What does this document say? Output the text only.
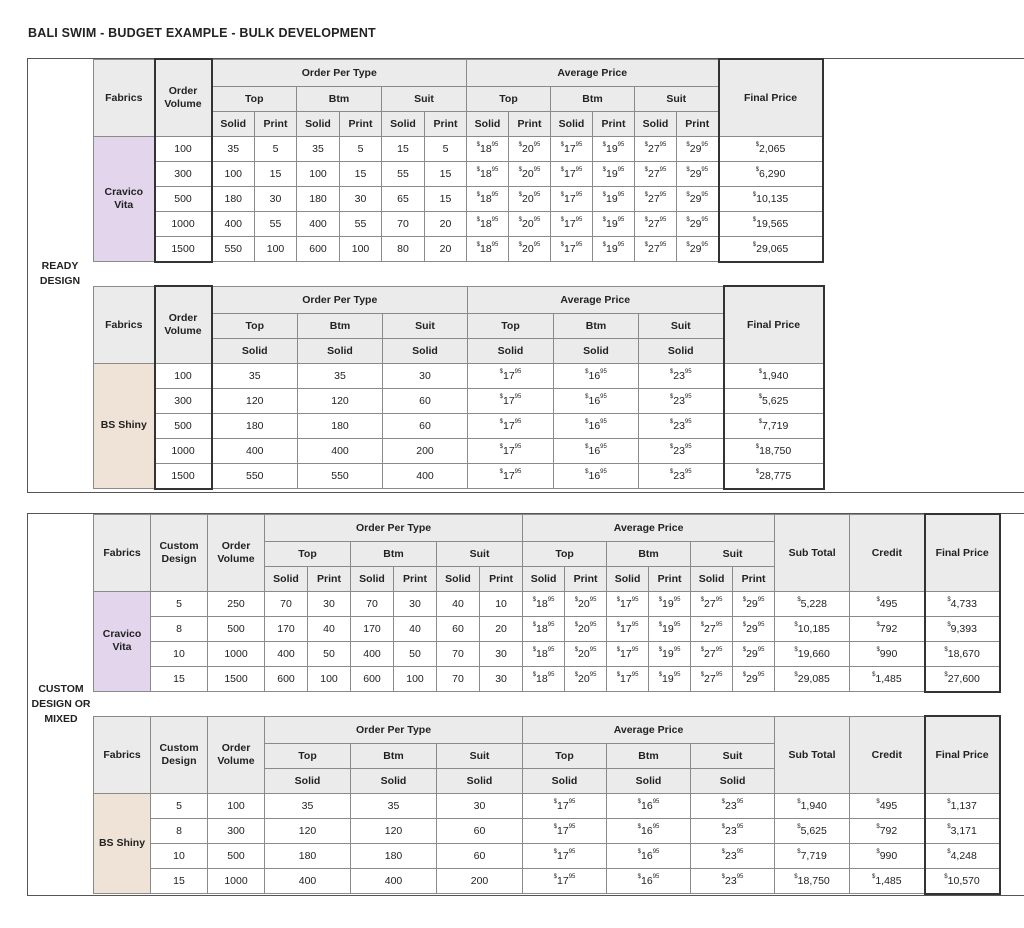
BALI SWIM - BUDGET EXAMPLE - BULK DEVELOPMENT
READY DESIGN
CUSTOM DESIGN OR MIXED
Fabrics	Order Volume	Order Per Type						Average Price						Final Price
		Top		Btm		Suit		Top		Btm		Suit		
		Solid	Print	Solid	Print	Solid	Print	Solid	Print	Solid	Print	Solid	Print	
Cravico Vita	100	35	5	35	5	15	5	$^{\$}18^{95}$	$^{\$}20^{95}$	$^{\$}17^{95}$	$^{\$}19^{95}$	$^{\$}27^{95}$	$^{\$}29^{95}$	$2,065
	300	100	15	100	15	55	15	$^{\$}18^{95}$	$^{\$}20^{95}$	$^{\$}17^{95}$	$^{\$}19^{95}$	$^{\$}27^{95}$	$^{\$}29^{95}$	$6,290
	500	180	30	180	30	65	15	$^{\$}18^{95}$	$^{\$}20^{95}$	$^{\$}17^{95}$	$^{\$}19^{95}$	$^{\$}27^{95}$	$^{\$}29^{95}$	$10,135
	1000	400	55	400	55	70	20	$^{\$}18^{95}$	$^{\$}20^{95}$	$^{\$}17^{95}$	$^{\$}19^{95}$	$^{\$}27^{95}$	$^{\$}29^{95}$	$19,565
	1500	550	100	600	100	80	20	$^{\$}18^{95}$	$^{\$}20^{95}$	$^{\$}17^{95}$	$^{\$}19^{95}$	$^{\$}27^{95}$	$^{\$}29^{95}$	$29,065
Fabrics	Order Volume	Order Per Type			Average Price			Final Price
		Top	Btm	Suit	Top	Btm	Suit	
		Solid	Solid	Solid	Solid	Solid	Solid	
BS Shiny	100	35	35	30	$^{\$}17^{95}$	$^{\$}16^{95}$	$^{\$}23^{95}$	$1,940
	300	120	120	60	$^{\$}17^{95}$	$^{\$}16^{95}$	$^{\$}23^{95}$	$5,625
	500	180	180	60	$^{\$}17^{95}$	$^{\$}16^{95}$	$^{\$}23^{95}$	$7,719
	1000	400	400	200	$^{\$}17^{95}$	$^{\$}16^{95}$	$^{\$}23^{95}$	$18,750
	1500	550	550	400	$^{\$}17^{95}$	$^{\$}16^{95}$	$^{\$}23^{95}$	$28,775
Fabrics	Custom Design	Order Volume	Order Per Type						Average Price						Sub Total	Credit	Final Price
			Top		Btm		Suit		Top		Btm		Suit				
			Solid	Print	Solid	Print	Solid	Print	Solid	Print	Solid	Print	Solid	Print			
Cravico Vita	5	250	70	30	70	30	40	10	$^{\$}18^{95}$	$^{\$}20^{95}$	$^{\$}17^{95}$	$^{\$}19^{95}$	$^{\$}27^{95}$	$^{\$}29^{95}$	$5,228	$495	$4,733
	8	500	170	40	170	40	60	20	$^{\$}18^{95}$	$^{\$}20^{95}$	$^{\$}17^{95}$	$^{\$}19^{95}$	$^{\$}27^{95}$	$^{\$}29^{95}$	$10,185	$792	$9,393
	10	1000	400	50	400	50	70	30	$^{\$}18^{95}$	$^{\$}20^{95}$	$^{\$}17^{95}$	$^{\$}19^{95}$	$^{\$}27^{95}$	$^{\$}29^{95}$	$19,660	$990	$18,670
	15	1500	600	100	600	100	70	30	$^{\$}18^{95}$	$^{\$}20^{95}$	$^{\$}17^{95}$	$^{\$}19^{95}$	$^{\$}27^{95}$	$^{\$}29^{95}$	$29,085	$1,485	$27,600
Fabrics	Custom Design	Order Volume	Order Per Type			Average Price			Sub Total	Credit	Final Price
			Top	Btm	Suit	Top	Btm	Suit			
			Solid	Solid	Solid	Solid	Solid	Solid			
BS Shiny	5	100	35	35	30	$^{\$}17^{95}$	$^{\$}16^{95}$	$^{\$}23^{95}$	$1,940	$495	$1,137
	8	300	120	120	60	$^{\$}17^{95}$	$^{\$}16^{95}$	$^{\$}23^{95}$	$5,625	$792	$3,171
	10	500	180	180	60	$^{\$}17^{95}$	$^{\$}16^{95}$	$^{\$}23^{95}$	$7,719	$990	$4,248
	15	1000	400	400	200	$^{\$}17^{95}$	$^{\$}16^{95}$	$^{\$}23^{95}$	$18,750	$1,485	$10,570
